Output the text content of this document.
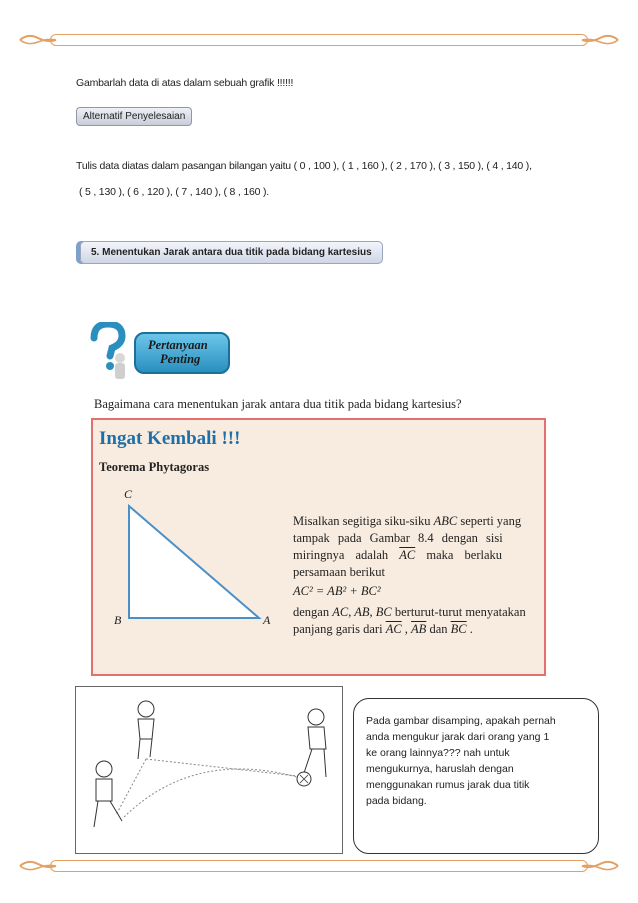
Gambarlah data di atas dalam sebuah grafik !!!!!!
Alternatif Penyelesaian
Tulis data diatas dalam pasangan bilangan yaitu ( 0 , 100 ), ( 1 , 160 ), ( 2 , 170 ), ( 3 , 150 ), ( 4 , 140 ),
( 5 , 130 ), ( 6 , 120 ), ( 7 , 140 ), ( 8 , 160 ).
5. Menentukan Jarak antara dua titik pada bidang kartesius
Pertanyaan
Penting
Bagaimana cara menentukan jarak antara dua titik pada bidang kartesius?
Ingat Kembali !!!
Teorema Phytagoras
C
B	A
Misalkan segitiga siku-siku ABC seperti yang
tampak pada Gambar 8.4 dengan sisi
miringnya adalah $\overline{AC}$ maka berlaku
persamaan berikut
AC² = AB² + BC²
dengan AC, AB, BC berturut-turut menyatakan
panjang garis dari $\overline{AC}$ , $\overline{AB}$ dan $\overline{BC}$ .
Pada gambar disamping, apakah pernah
anda mengukur jarak dari orang yang 1
ke orang lainnya??? nah untuk
mengukurnya, haruslah dengan
menggunakan rumus jarak dua titik
pada bidang.
